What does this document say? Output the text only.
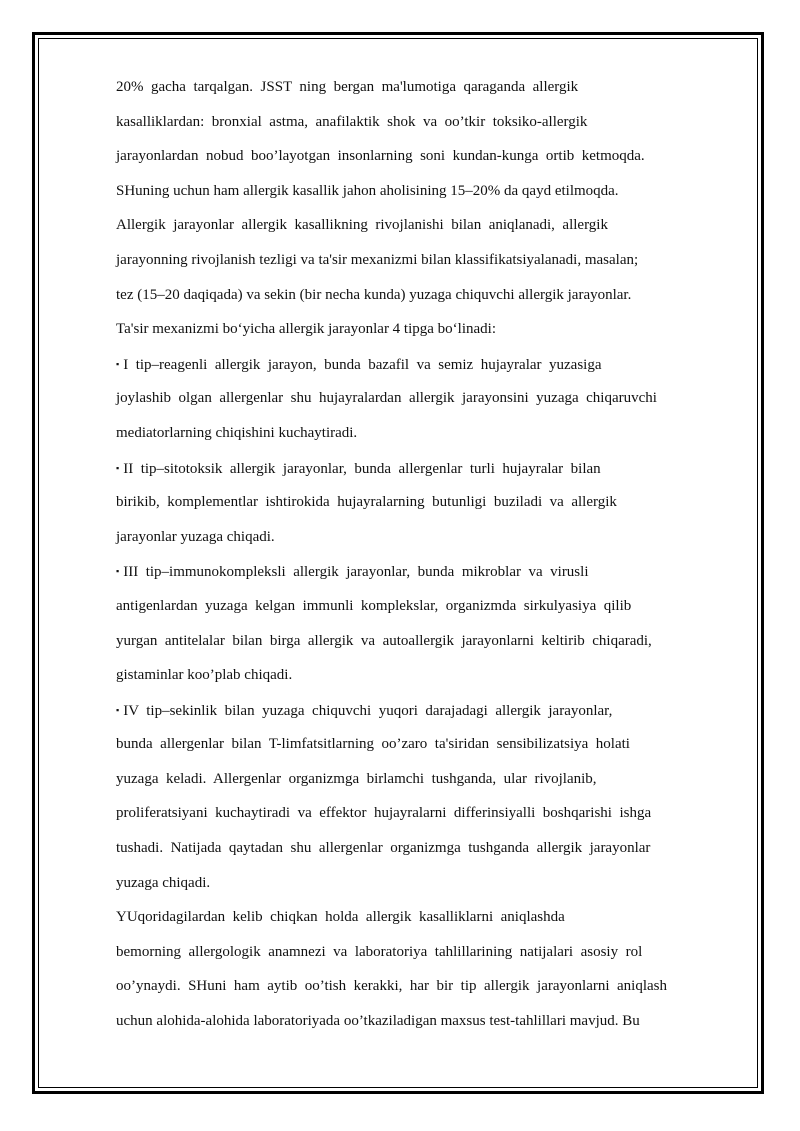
20%  gacha  tarqalgan.  JSST  ning  bergan  ma'lumotiga  qaraganda  allergik
kasalliklardan:  bronxial  astma,  anafilaktik  shok  va  oo’tkir  toksiko-allergik
jarayonlardan  nobud  boo’layotgan  insonlarning  soni  kundan-kunga  ortib  ketmoqda.
SHuning uchun ham allergik kasallik jahon aholisining 15–20% da qayd etilmoqda.
Allergik  jarayonlar  allergik  kasallikning  rivojlanishi  bilan  aniqlanadi,  allergik
jarayonning rivojlanish tezligi va ta'sir mexanizmi bilan klassifikatsiyalanadi, masalan;
tez (15–20 daqiqada) va sekin (bir necha kunda) yuzaga chiquvchi allergik jarayonlar.
Ta'sir mexanizmi bo‘yicha allergik jarayonlar 4 tipga bo‘linadi:
▪ I  tip–reagenli  allergik  jarayon,  bunda  bazafil  va  semiz  hujayralar  yuzasiga
joylashib  olgan  allergenlar  shu  hujayralardan  allergik  jarayonsini  yuzaga  chiqaruvchi
mediatorlarning chiqishini kuchaytiradi.
▪ II  tip–sitotoksik  allergik  jarayonlar,  bunda  allergenlar  turli  hujayralar  bilan
birikib,  komplementlar  ishtirokida  hujayralarning  butunligi  buziladi  va  allergik
jarayonlar yuzaga chiqadi.
▪ III  tip–immunokompleksli  allergik  jarayonlar,  bunda  mikroblar  va  virusli
antigenlardan  yuzaga  kelgan  immunli  komplekslar,  organizmda  sirkulyasiya  qilib
yurgan  antitelalar  bilan  birga  allergik  va  autoallergik  jarayonlarni  keltirib  chiqaradi,
gistaminlar koo’plab chiqadi.
▪ IV  tip–sekinlik  bilan  yuzaga  chiquvchi  yuqori  darajadagi  allergik  jarayonlar,
bunda  allergenlar  bilan  T-limfatsitlarning  oo’zaro  ta'siridan  sensibilizatsiya  holati
yuzaga  keladi.  Allergenlar  organizmga  birlamchi  tushganda,  ular  rivojlanib,
proliferatsiyani  kuchaytiradi  va  effektor  hujayralarni  differinsiyalli  boshqarishi  ishga
tushadi.  Natijada  qaytadan  shu  allergenlar  organizmga  tushganda  allergik  jarayonlar
yuzaga chiqadi.
YUqoridagilardan  kelib  chiqkan  holda  allergik  kasalliklarni  aniqlashda
bemorning  allergologik  anamnezi  va  laboratoriya  tahlillarining  natijalari  asosiy  rol
oo’ynaydi.  SHuni  ham  aytib  oo’tish  kerakki,  har  bir  tip  allergik  jarayonlarni  aniqlash
uchun alohida-alohida laboratoriyada oo’tkaziladigan maxsus test-tahlillari mavjud. Bu
